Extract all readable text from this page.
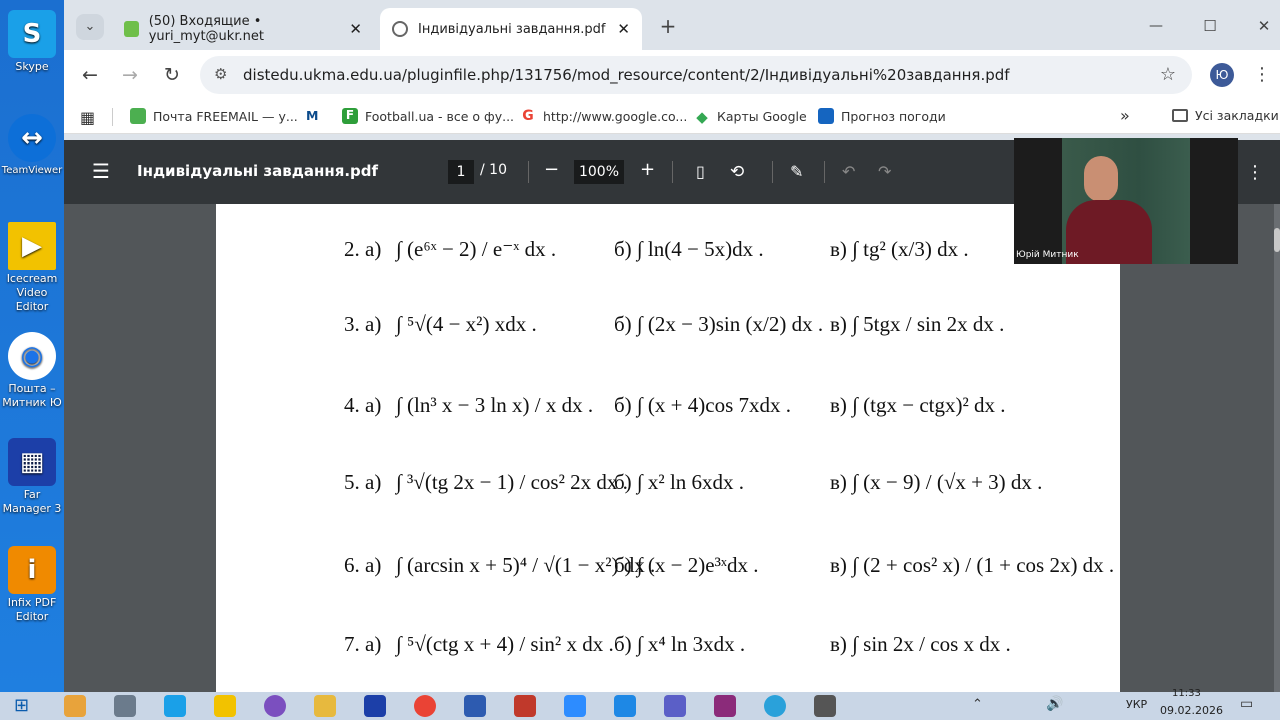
S
Skype
↔
TeamViewer
▶
Icecream Video Editor
◉
Пошта – Митник Ю
▦
Far Manager 3
i
Infix PDF Editor
⌄	(50) Входящие • yuri_myt@ukr.net	✕	Індивідуальні завдання.pdf ✕ +	—	☐	✕
← → ↻ ⚙ distedu.ukma.edu.ua/pluginfile.php/131756/mod_resource/content/2/Індивідуальні%20завдання.pdf	☆	Ю	⋮
▦	Почта FREEMAIL — у... M	F Football.ua - все о фу... G http://www.google.co... ◆ Карты Google	Прогноз погоди	»	Усі закладки
☰ Індивідуальні завдання.pdf	1	/ 10 −	100% +	▯ ⟲	✎ ↶ ↷	⋮
2. а) ∫ (e⁶ˣ − 2) / e⁻ˣ dx .	б) ∫ ln(4 − 5x)dx .	в) ∫ tg² (x/3) dx .
3. а) ∫ ⁵√(4 − x²) xdx .	б) ∫ (2x − 3)sin (x/2) dx . в) ∫ 5tgx / sin 2x dx .
4. а) ∫ (ln³ x − 3 ln x) / x dx . б) ∫ (x + 4)cos 7xdx . в) ∫ (tgx − ctgx)² dx .
5. а) ∫ ³√(tg 2x − 1) / cos² 2x dx .
б) ∫ x² ln 6xdx .	в) ∫ (x − 9) / (√x + 3) dx .
6. а) ∫ (arcsin x + 5)⁴ / √(1 − x²) dx .
б) ∫ (x − 2)e³ˣdx .	в) ∫ (2 + cos² x) / (1 + cos 2x) dx .
7. а) ∫ ⁵√(ctg x + 4) / sin² x dx . б) ∫ x⁴ ln 3xdx .	в) ∫ sin 2x / cos x dx .
Юрій Митник
⊞	⌃	🔊	УКР
11:33
09.02.2026 ▭
